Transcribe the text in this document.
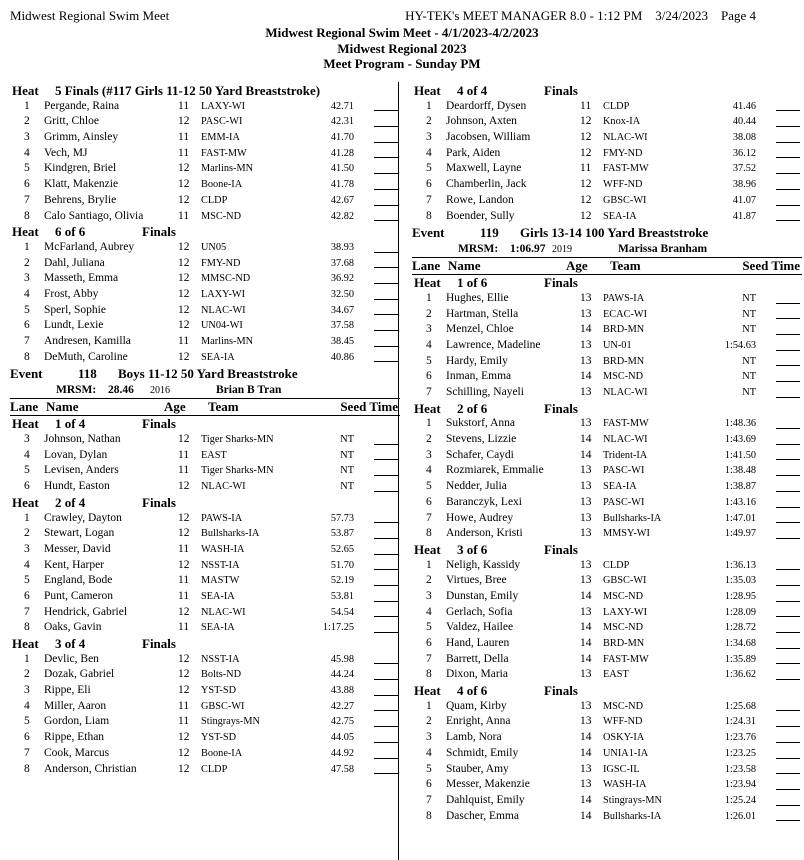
Midwest Regional Swim Meet	HY-TEK's MEET MANAGER 8.0 - 1:12 PM    3/24/2023    Page 4
Midwest Regional Swim Meet - 4/1/2023-4/2/2023
Midwest Regional 2023
Meet Program - Sunday PM
Heat     5 Finals (#117 Girls 11-12 50 Yard Breaststroke)
1 Pergande, Raina	11 LAXY-WI	42.71
2 Gritt, Chloe	12 PASC-WI	42.31
3 Grimm, Ainsley	11 EMM-IA	41.70
4 Vech, MJ	11 FAST-MW	41.28
5 Kindgren, Briel	12 Marlins-MN	41.50
6 Klatt, Makenzie	12 Boone-IA	41.78
7 Behrens, Brylie	12 CLDP	42.67
8 Calo Santiago, Olivia	11 MSC-ND	42.82
Heat     6 of 6	Finals
1 McFarland, Aubrey	12 UN05	38.93
2 Dahl, Juliana	12 FMY-ND	37.68
3 Masseth, Emma	12 MMSC-ND	36.92
4 Frost, Abby	12 LAXY-WI	32.50
5 Sperl, Sophie	12 NLAC-WI	34.67
6 Lundt, Lexie	12 UN04-WI	37.58
7 Andresen, Kamilla	11 Marlins-MN	38.45
8 DeMuth, Caroline	12 SEA-IA	40.86
Event	118 Boys 11-12 50 Yard Breaststroke
MRSM: 28.46 2016	Brian B Tran
Lane Name	Age Team	Seed Time
Heat     1 of 4	Finals
3 Johnson, Nathan	12 Tiger Sharks-MN	NT
4 Lovan, Dylan	11 EAST	NT
5 Levisen, Anders	11 Tiger Sharks-MN	NT
6 Hundt, Easton	12 NLAC-WI	NT
Heat     2 of 4	Finals
1 Crawley, Dayton	12 PAWS-IA	57.73
2 Stewart, Logan	12 Bullsharks-IA	53.87
3 Messer, David	11 WASH-IA	52.65
4 Kent, Harper	12 NSST-IA	51.70
5 England, Bode	11 MASTW	52.19
6 Punt, Cameron	11 SEA-IA	53.81
7 Hendrick, Gabriel	12 NLAC-WI	54.54
8 Oaks, Gavin	11 SEA-IA	1:17.25
Heat     3 of 4	Finals
1 Devlic, Ben	12 NSST-IA	45.98
2 Dozak, Gabriel	12 Bolts-ND	44.24
3 Rippe, Eli	12 YST-SD	43.88
4 Miller, Aaron	11 GBSC-WI	42.27
5 Gordon, Liam	11 Stingrays-MN	42.75
6 Rippe, Ethan	12 YST-SD	44.05
7 Cook, Marcus	12 Boone-IA	44.92
8 Anderson, Christian	12 CLDP	47.58
Heat     4 of 4	Finals
1 Deardorff, Dysen	11 CLDP	41.46
2 Johnson, Axten	12 Knox-IA	40.44
3 Jacobsen, William	12 NLAC-WI	38.08
4 Park, Aiden	12 FMY-ND	36.12
5 Maxwell, Layne	11 FAST-MW	37.52
6 Chamberlin, Jack	12 WFF-ND	38.96
7 Rowe, Landon	12 GBSC-WI	41.07
8 Boender, Sully	12 SEA-IA	41.87
Event	119 Girls 13-14 100 Yard Breaststroke
MRSM: 1:06.97 2019	Marissa Branham
Lane Name	Age Team	Seed Time
Heat     1 of 6	Finals
1 Hughes, Ellie	13 PAWS-IA	NT
2 Hartman, Stella	13 ECAC-WI	NT
3 Menzel, Chloe	14 BRD-MN	NT
4 Lawrence, Madeline	13 UN-01	1:54.63
5 Hardy, Emily	13 BRD-MN	NT
6 Inman, Emma	14 MSC-ND	NT
7 Schilling, Nayeli	13 NLAC-WI	NT
Heat     2 of 6	Finals
1 Sukstorf, Anna	13 FAST-MW	1:48.36
2 Stevens, Lizzie	14 NLAC-WI	1:43.69
3 Schafer, Caydi	14 Trident-IA	1:41.50
4 Rozmiarek, Emmalie	13 PASC-WI	1:38.48
5 Nedder, Julia	13 SEA-IA	1:38.87
6 Baranczyk, Lexi	13 PASC-WI	1:43.16
7 Howe, Audrey	13 Bullsharks-IA	1:47.01
8 Anderson, Kristi	13 MMSY-WI	1:49.97
Heat     3 of 6	Finals
1 Neligh, Kassidy	13 CLDP	1:36.13
2 Virtues, Bree	13 GBSC-WI	1:35.03
3 Dunstan, Emily	14 MSC-ND	1:28.95
4 Gerlach, Sofia	13 LAXY-WI	1:28.09
5 Valdez, Hailee	14 MSC-ND	1:28.72
6 Hand, Lauren	14 BRD-MN	1:34.68
7 Barrett, Della	14 FAST-MW	1:35.89
8 Dixon, Maria	13 EAST	1:36.62
Heat     4 of 6	Finals
1 Quam, Kirby	13 MSC-ND	1:25.68
2 Enright, Anna	13 WFF-ND	1:24.31
3 Lamb, Nora	14 OSKY-IA	1:23.76
4 Schmidt, Emily	14 UNIA1-IA	1:23.25
5 Stauber, Amy	13 IGSC-IL	1:23.58
6 Messer, Makenzie	13 WASH-IA	1:23.94
7 Dahlquist, Emily	14 Stingrays-MN	1:25.24
8 Dascher, Emma	14 Bullsharks-IA	1:26.01
